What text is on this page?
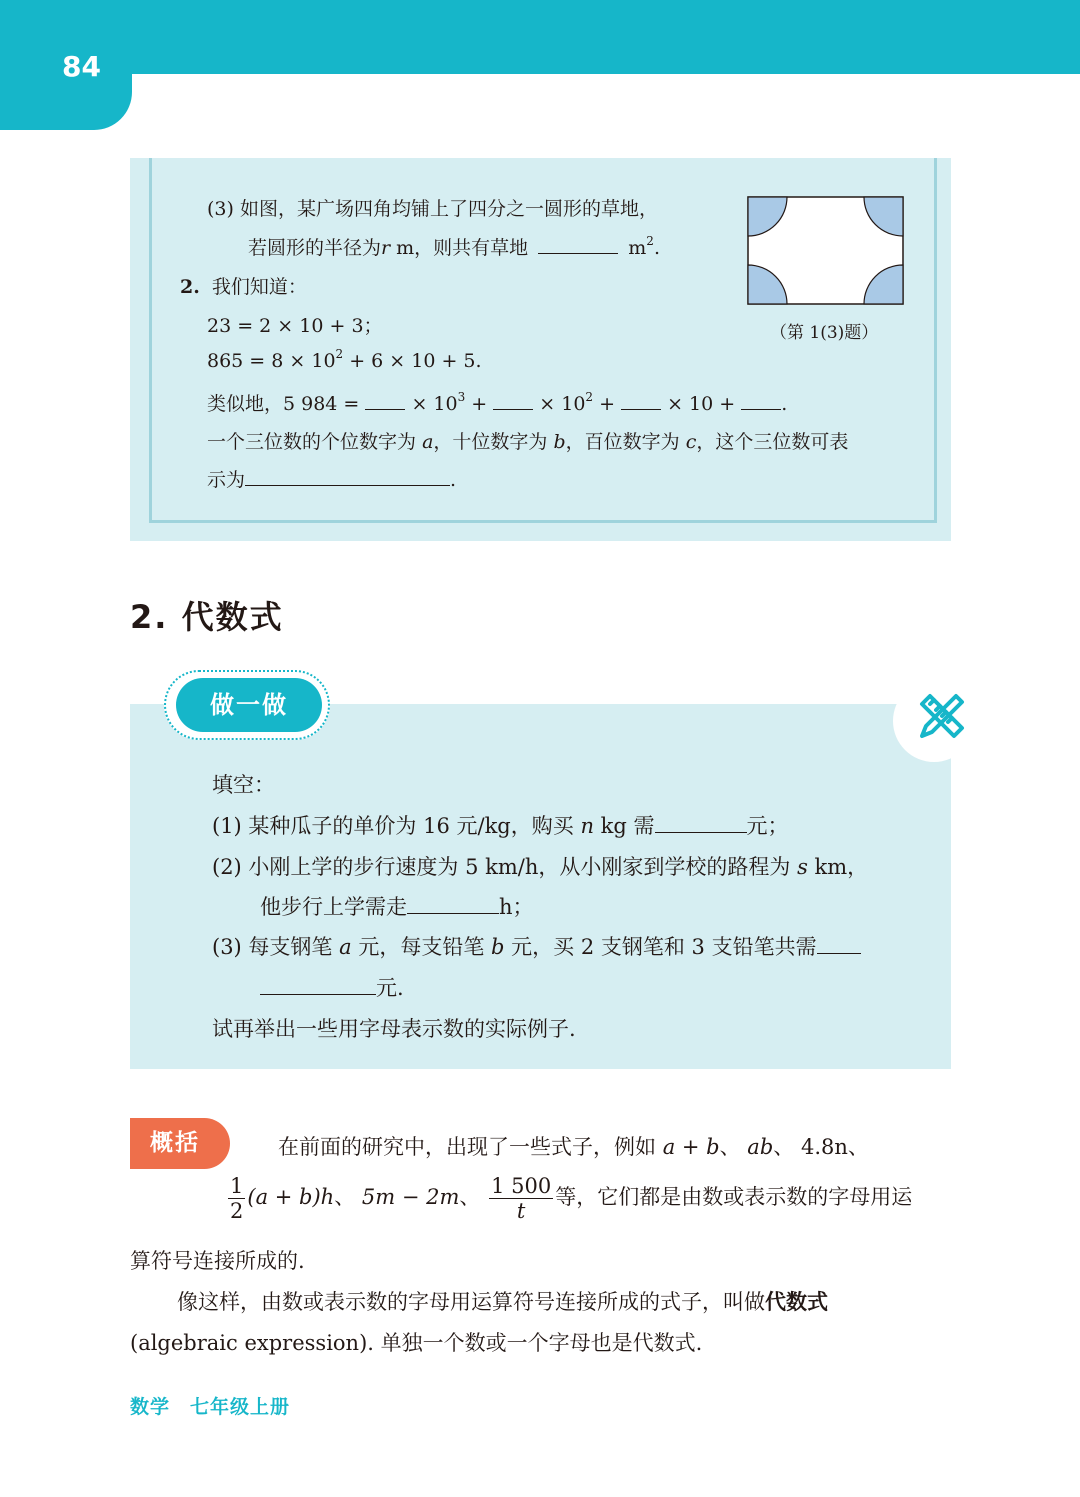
84
(3) 如图，某广场四角均铺上了四分之一圆形的草地，
若圆形的半径为r m，则共有草地	$m^2$.
（第 1(3)题）
2. 我们知道：
23 = 2 × 10 + 3；
$865 = 8 \times 10^2 + 6 \times 10 + 5$.
类似地，5 984 =  × $10^3$ +  × $10^2$ +  × 10 + .
一个三位数的个位数字为 a，十位数字为 b，百位数字为 c，这个三位数可表
示为	.
2. 代数式
做一做
填空：
(1) 某种瓜子的单价为 16 元/kg，购买 n kg 需	元；
(2) 小刚上学的步行速度为 5 km/h，从小刚家到学校的路程为 s km，
他步行上学需走	h；
(3) 每支钢笔 a 元，每支铅笔 b 元，买 2 支钢笔和 3 支铅笔共需
元.
试再举出一些用字母表示数的实际例子.
概括	在前面的研究中，出现了一些式子，例如 a + b、 ab、 4.8n、
$\frac{1}{2} (a + b)h$、 5m − 2m、 $\frac{1 500}{t}$ 等，它们都是由数或表示数的字母用运
算符号连接所成的.
像这样，由数或表示数的字母用运算符号连接所成的式子，叫做代数式
(algebraic expression). 单独一个数或一个字母也是代数式.
数学　七年级上册
